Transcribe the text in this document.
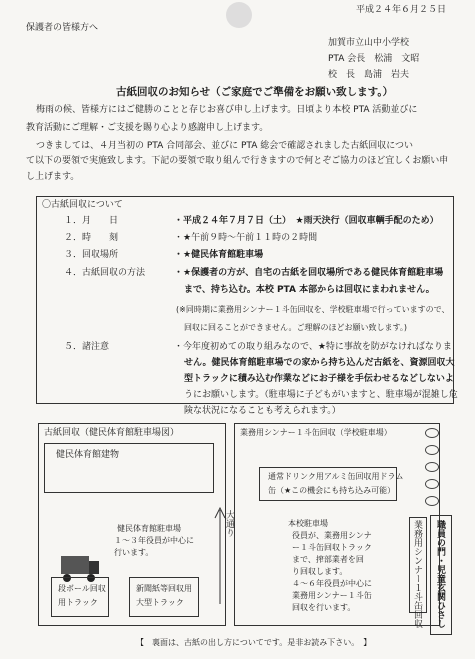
平成２４年６月２５日
保護者の皆様方へ
加賀市立山中小学校
PTA 会長　松浦　文昭
校　長　島浦　岩夫
古紙回収のお知らせ（ご家庭でご準備をお願い致します。）
梅雨の候、皆様方にはご健勝のことと存じお喜び申し上げます。日頃より本校 PTA 活動並びに
教育活動にご理解・ご支援を賜り心より感謝申し上げます。
つきましては、４月当初の PTA 合同部会、並びに PTA 総会で確認されました古紙回収につい
て以下の要領で実施致します。下記の要領で取り組んで行きますので何とぞご協力のほど宜しくお願い申
し上げます。
〇古紙回収について
１． 月　　日	・平成２４年７月７日（土）　★雨天決行（回収車輌手配のため）
２． 時　　刻	・★午前９時〜午前１１時の２時間
３． 回収場所	・★健民体育館駐車場
４． 古紙回収の方法	・★保護者の方が、自宅の古紙を回収場所である健民体育館駐車場
まで、持ち込む。本校 PTA 本部からは回収にまわれません。
(※同時期に業務用シンナー１斗缶回収を、学校駐車場で行っていますので、
回収に回ることができません。ご理解のほどお願い致します。)
５． 諸注意	・今年度初めての取り組みなので、★特に事故を防がなければなりま
せん。健民体育館駐車場での家から持ち込んだ古紙を、資源回収大
型トラックに積み込む作業などにお子様を手伝わせるなどしないよ
うにお願いします。（駐車場に子どもがいますと、駐車場が混雑し危
険な状況になることも考えられます。）
古紙回収（健民体育館駐車場図）
健民体育館建物
健民体育館駐車場
１〜３年役員が中心に
行います。
段ボール回収
用トラック
新聞紙等回収用
大型トラック
大通り
業務用シンナー１斗缶回収（学校駐車場）
通常ドリンク用アルミ缶回収用ドラム
缶（★この機会にも持ち込み可能）
本校駐車場
役員が、業務用シンナ
ー１斗缶回収トラック
まで、搾部業者を回
り回収します。
４〜６年役員が中心に
業務用シンナー１斗缶
回収を行います。	業務用シンナー１斗缶回収 職員の門・児童玄関ひさし
【　裏面は、古紙の出し方についてです。是非お読み下さい。　】
